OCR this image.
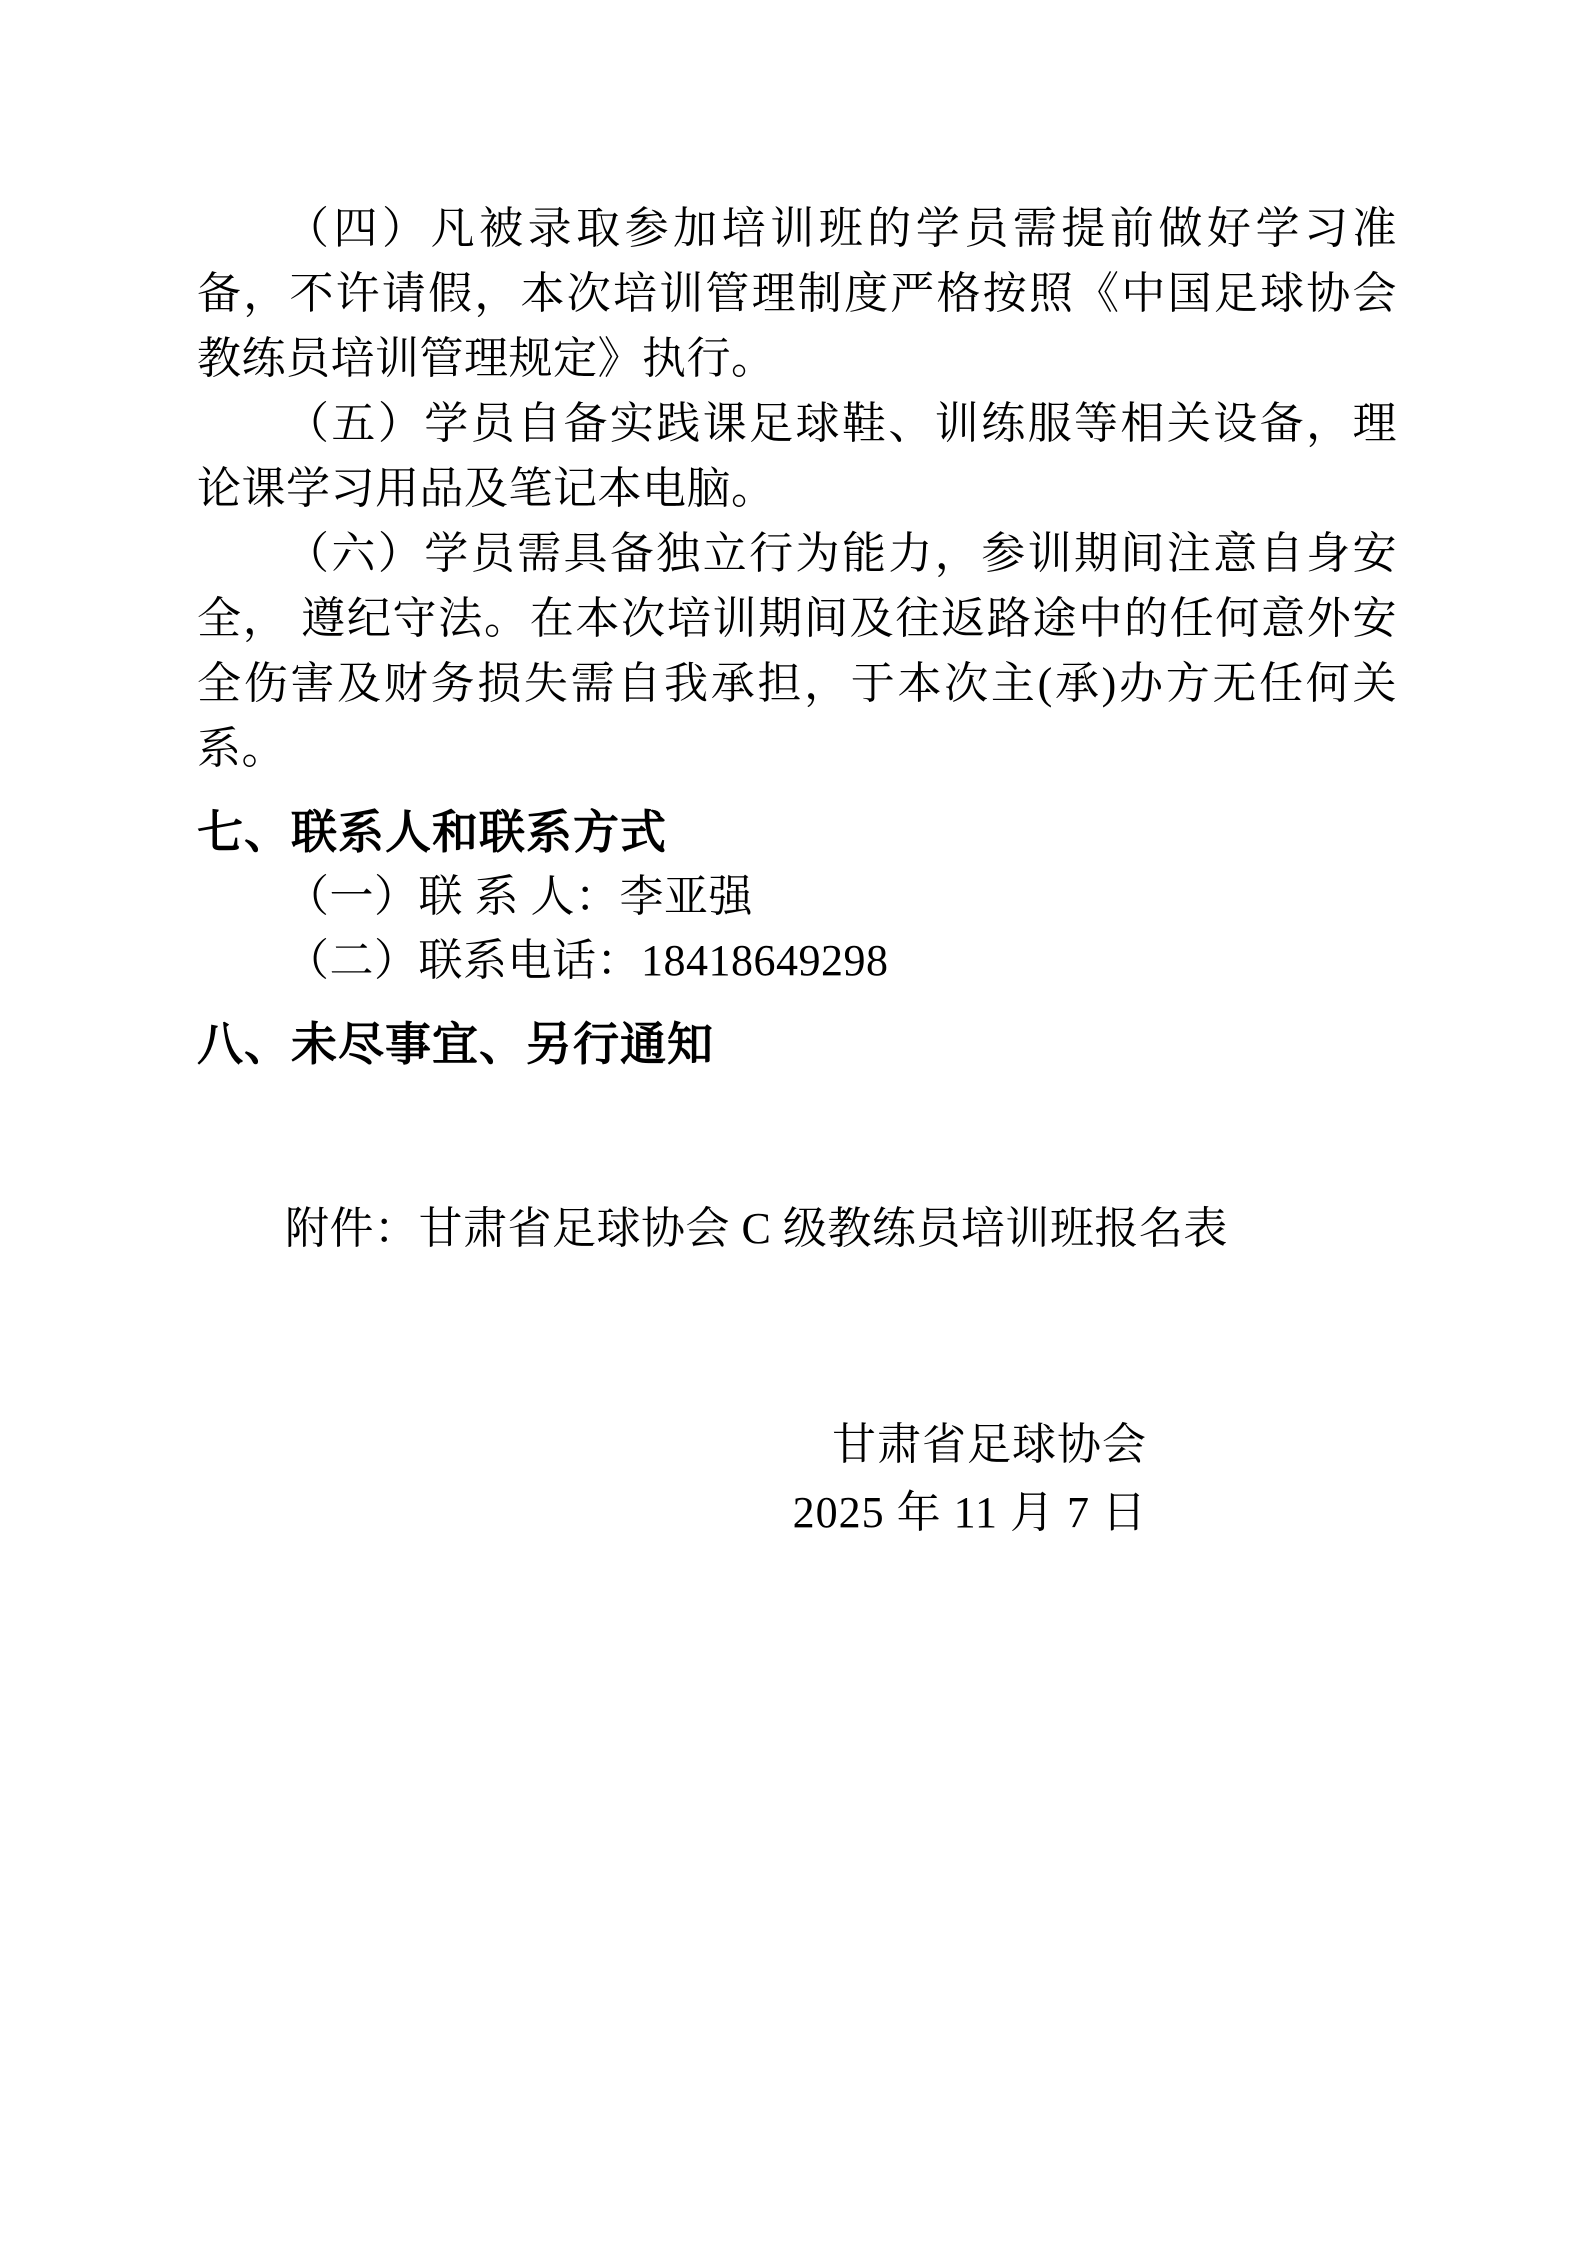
（四）凡被录取参加培训班的学员需提前做好学习准备，不许请假，本次培训管理制度严格按照《中国足球协会教练员培训管理规定》执行。

（五）学员自备实践课足球鞋、训练服等相关设备，理论课学习用品及笔记本电脑。

（六）学员需具备独立行为能力，参训期间注意自身安全， 遵纪守法。在本次培训期间及往返路途中的任何意外安全伤害及财务损失需自我承担，于本次主(承)办方无任何关系。

七、联系人和联系方式

（一）联 系 人：李亚强

（二）联系电话：18418649298

八、未尽事宜、另行通知

附件：甘肃省足球协会 C 级教练员培训班报名表

甘肃省足球协会
2025 年 11 月 7 日
